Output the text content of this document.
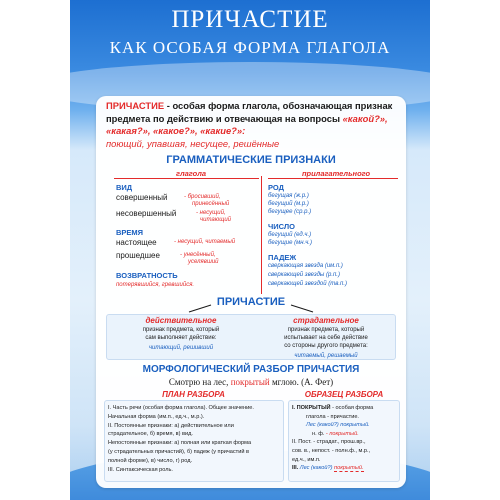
ПРИЧАСТИЕ
КАК ОСОБАЯ ФОРМА ГЛАГОЛА
ПРИЧАСТИЕ - особая форма глагола, обозначающая признак предмета по действию и отвечающая на вопросы «какой?», «какая?», «какое?», «какие?»:
поющий, упавшая, несущее, решённые
ГРАММАТИЧЕСКИЕ ПРИЗНАКИ
глагола	прилагательного
ВИД
совершенный	- бросивший,
принесённый
несовершенный	- несущий,
читающий
ВРЕМЯ
настоящее	- несущий, читаемый
прошедшее	- унесённый,
уселявший
ВОЗВРАТНОСТЬ
потерявшийся, гревшийся.
РОД
бегущая (ж.р.)
бегущий (м.р.)
бегущее (ср.р.)
ЧИСЛО
бегущий (ед.ч.)
бегущие (мн.ч.)
ПАДЕЖ
сверкающая звезда (им.п.)
сверкающей звезды (р.п.)
сверкающей звездой (тв.п.)
ПРИЧАСТИЕ
действительное
признак предмета, который
сам выполняет действие:
читающий, решивший
страдательное
признак предмета, который
испытывает на себе действие
со стороны другого предмета:
читаемый, решаемый
МОРФОЛОГИЧЕСКИЙ РАЗБОР ПРИЧАСТИЯ
Смотрю на лес, покрытый мглою. (А. Фет)
ПЛАН РАЗБОРА	ОБРАЗЕЦ РАЗБОРА
I. Часть речи (особая форма глагола). Общее значение.
Начальная форма (им.п., ед.ч., м.р.).
II. Постоянные признаки: а) действительное или
страдательное, б) время, в) вид.
Непостоянные признаки: а) полная или краткая форма
(у страдательных причастий), б) падеж (у причастий в
полной форме), в) число, г) род.
III. Синтаксическая роль.
I. ПОКРЫТЫЙ - особая форма
глагола - причастие.
Лес (какой?) покрытый.
н. ф. - покрытый.
II. Пост. - страдат., прош.вр.,
сов. в., непост. - полн.ф., м.р.,
ед.ч., им.п.
III. Лес (какой?) покрытый.
